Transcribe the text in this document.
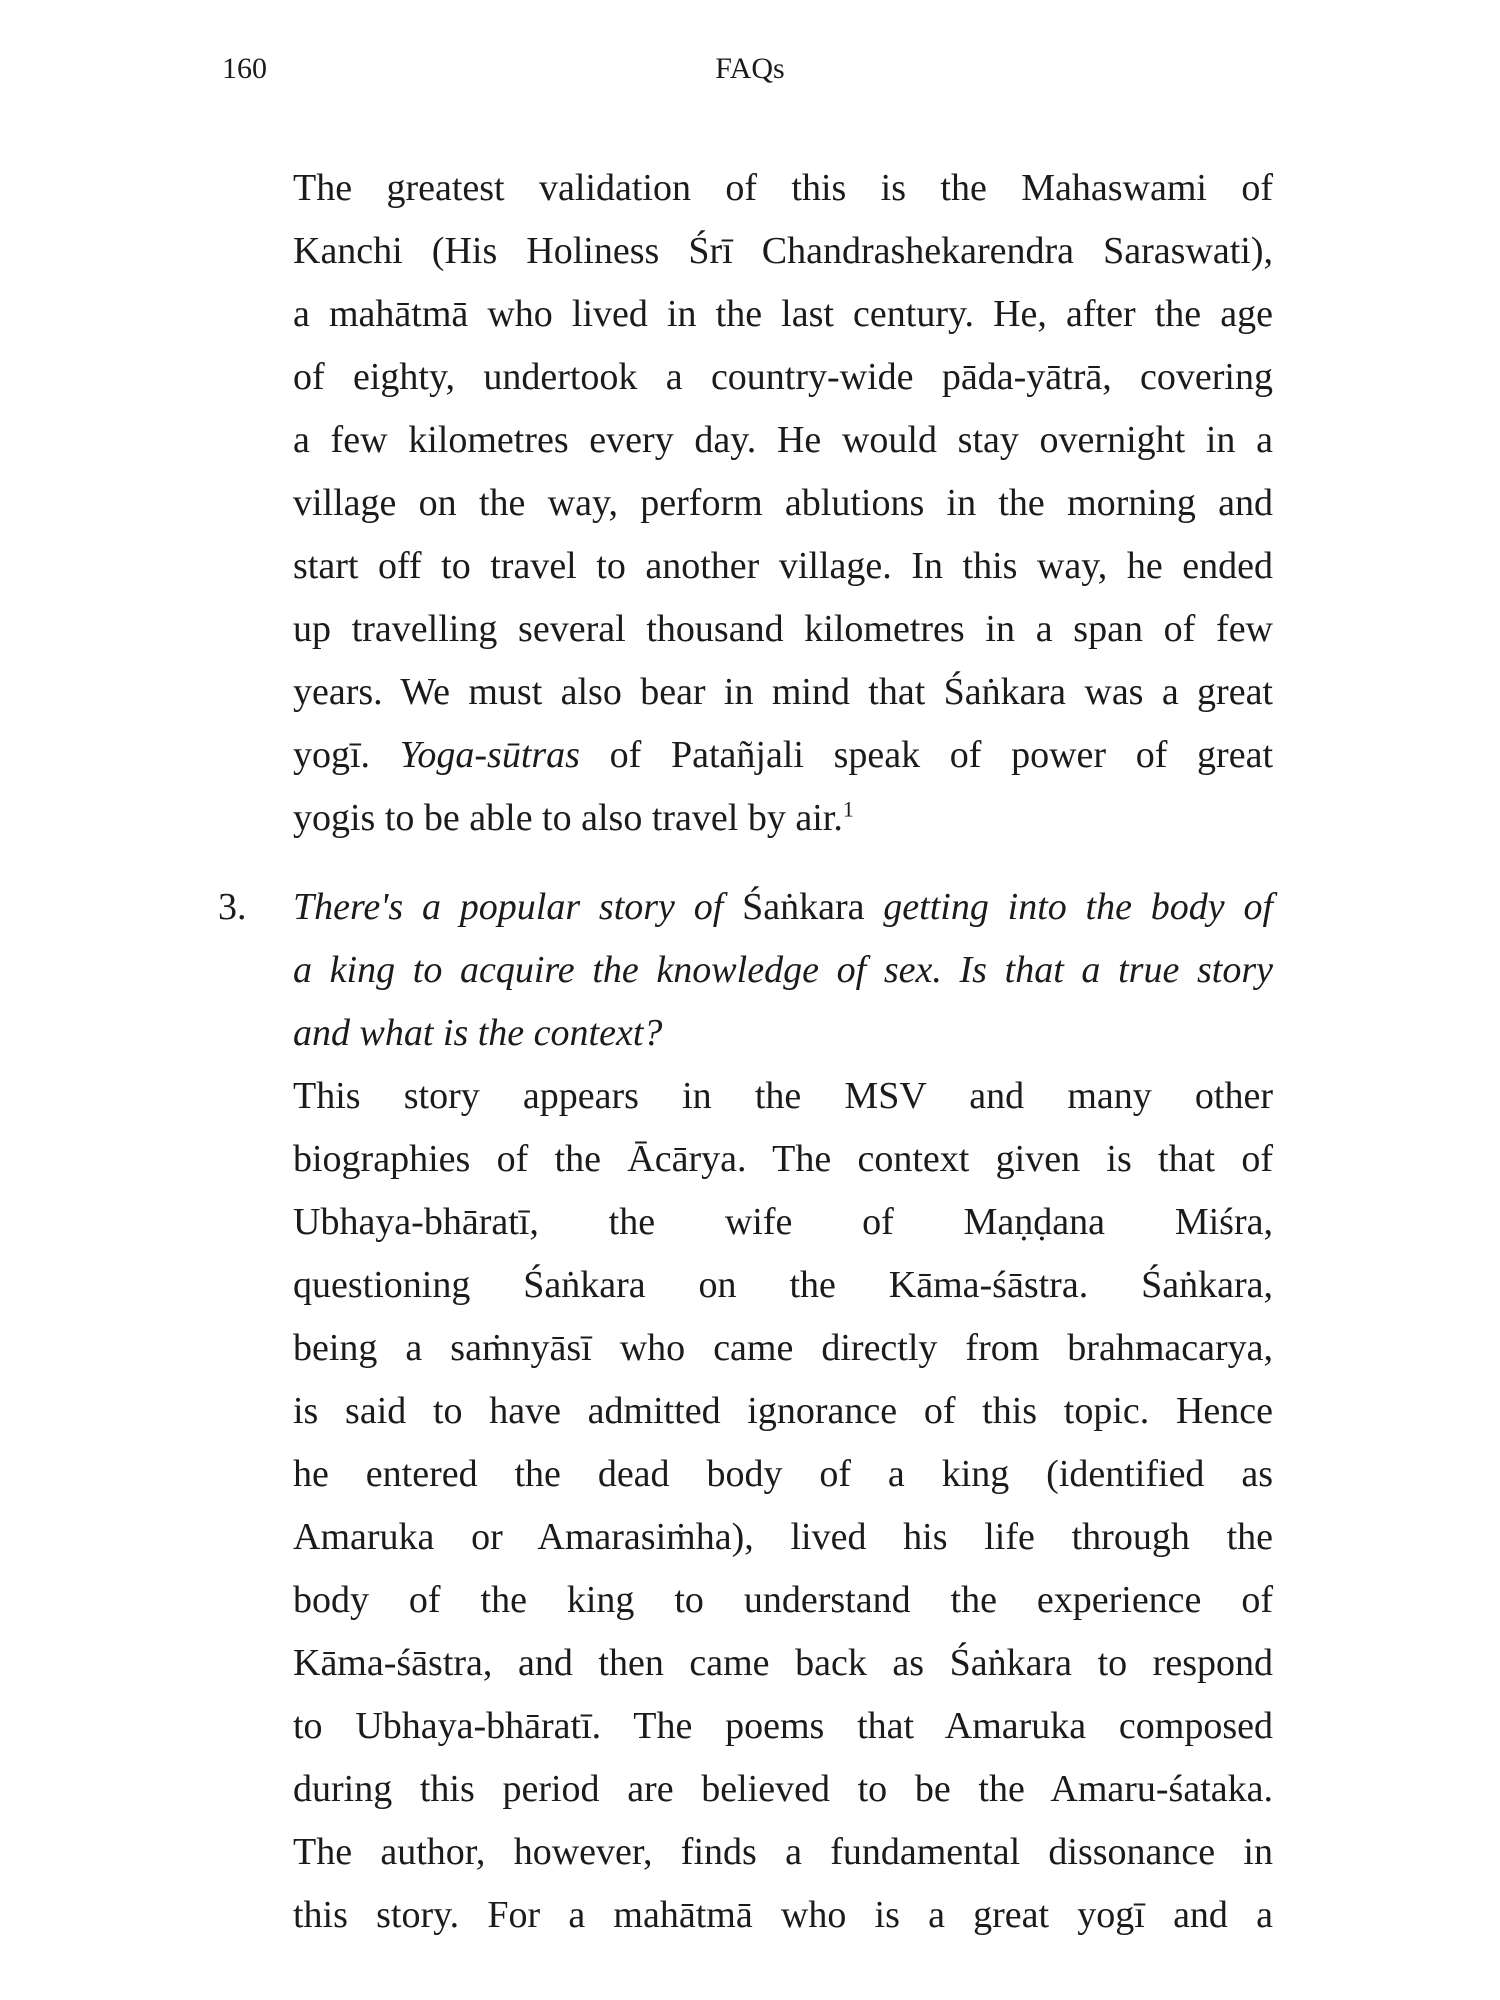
160	FAQs
The greatest validation of this is the Mahaswami of
Kanchi (His Holiness Śrī Chandrashekarendra Saraswati),
a mahātmā who lived in the last century. He, after the age
of eighty, undertook a country-wide pāda-yātrā, covering
a few kilometres every day. He would stay overnight in a
village on the way, perform ablutions in the morning and
start off to travel to another village. In this way, he ended
up travelling several thousand kilometres in a span of few
years. We must also bear in mind that Śaṅkara was a great
yogī. Yoga-sūtras of Patañjali speak of power of great
yogis to be able to also travel by air.$^1$
3.	There's a popular story of Śaṅkara getting into the body of
a king to acquire the knowledge of sex. Is that a true story
and what is the context?
This story appears in the MSV and many other
biographies of the Ācārya. The context given is that of
Ubhaya-bhāratī, the wife of Maṇḍana Miśra,
questioning Śaṅkara on the Kāma-śāstra. Śaṅkara,
being a saṁnyāsī who came directly from brahmacarya,
is said to have admitted ignorance of this topic. Hence
he entered the dead body of a king (identified as
Amaruka or Amarasiṁha), lived his life through the
body of the king to understand the experience of
Kāma-śāstra, and then came back as Śaṅkara to respond
to Ubhaya-bhāratī. The poems that Amaruka composed
during this period are believed to be the Amaru-śataka.
The author, however, finds a fundamental dissonance in
this story. For a mahātmā who is a great yogī and a
